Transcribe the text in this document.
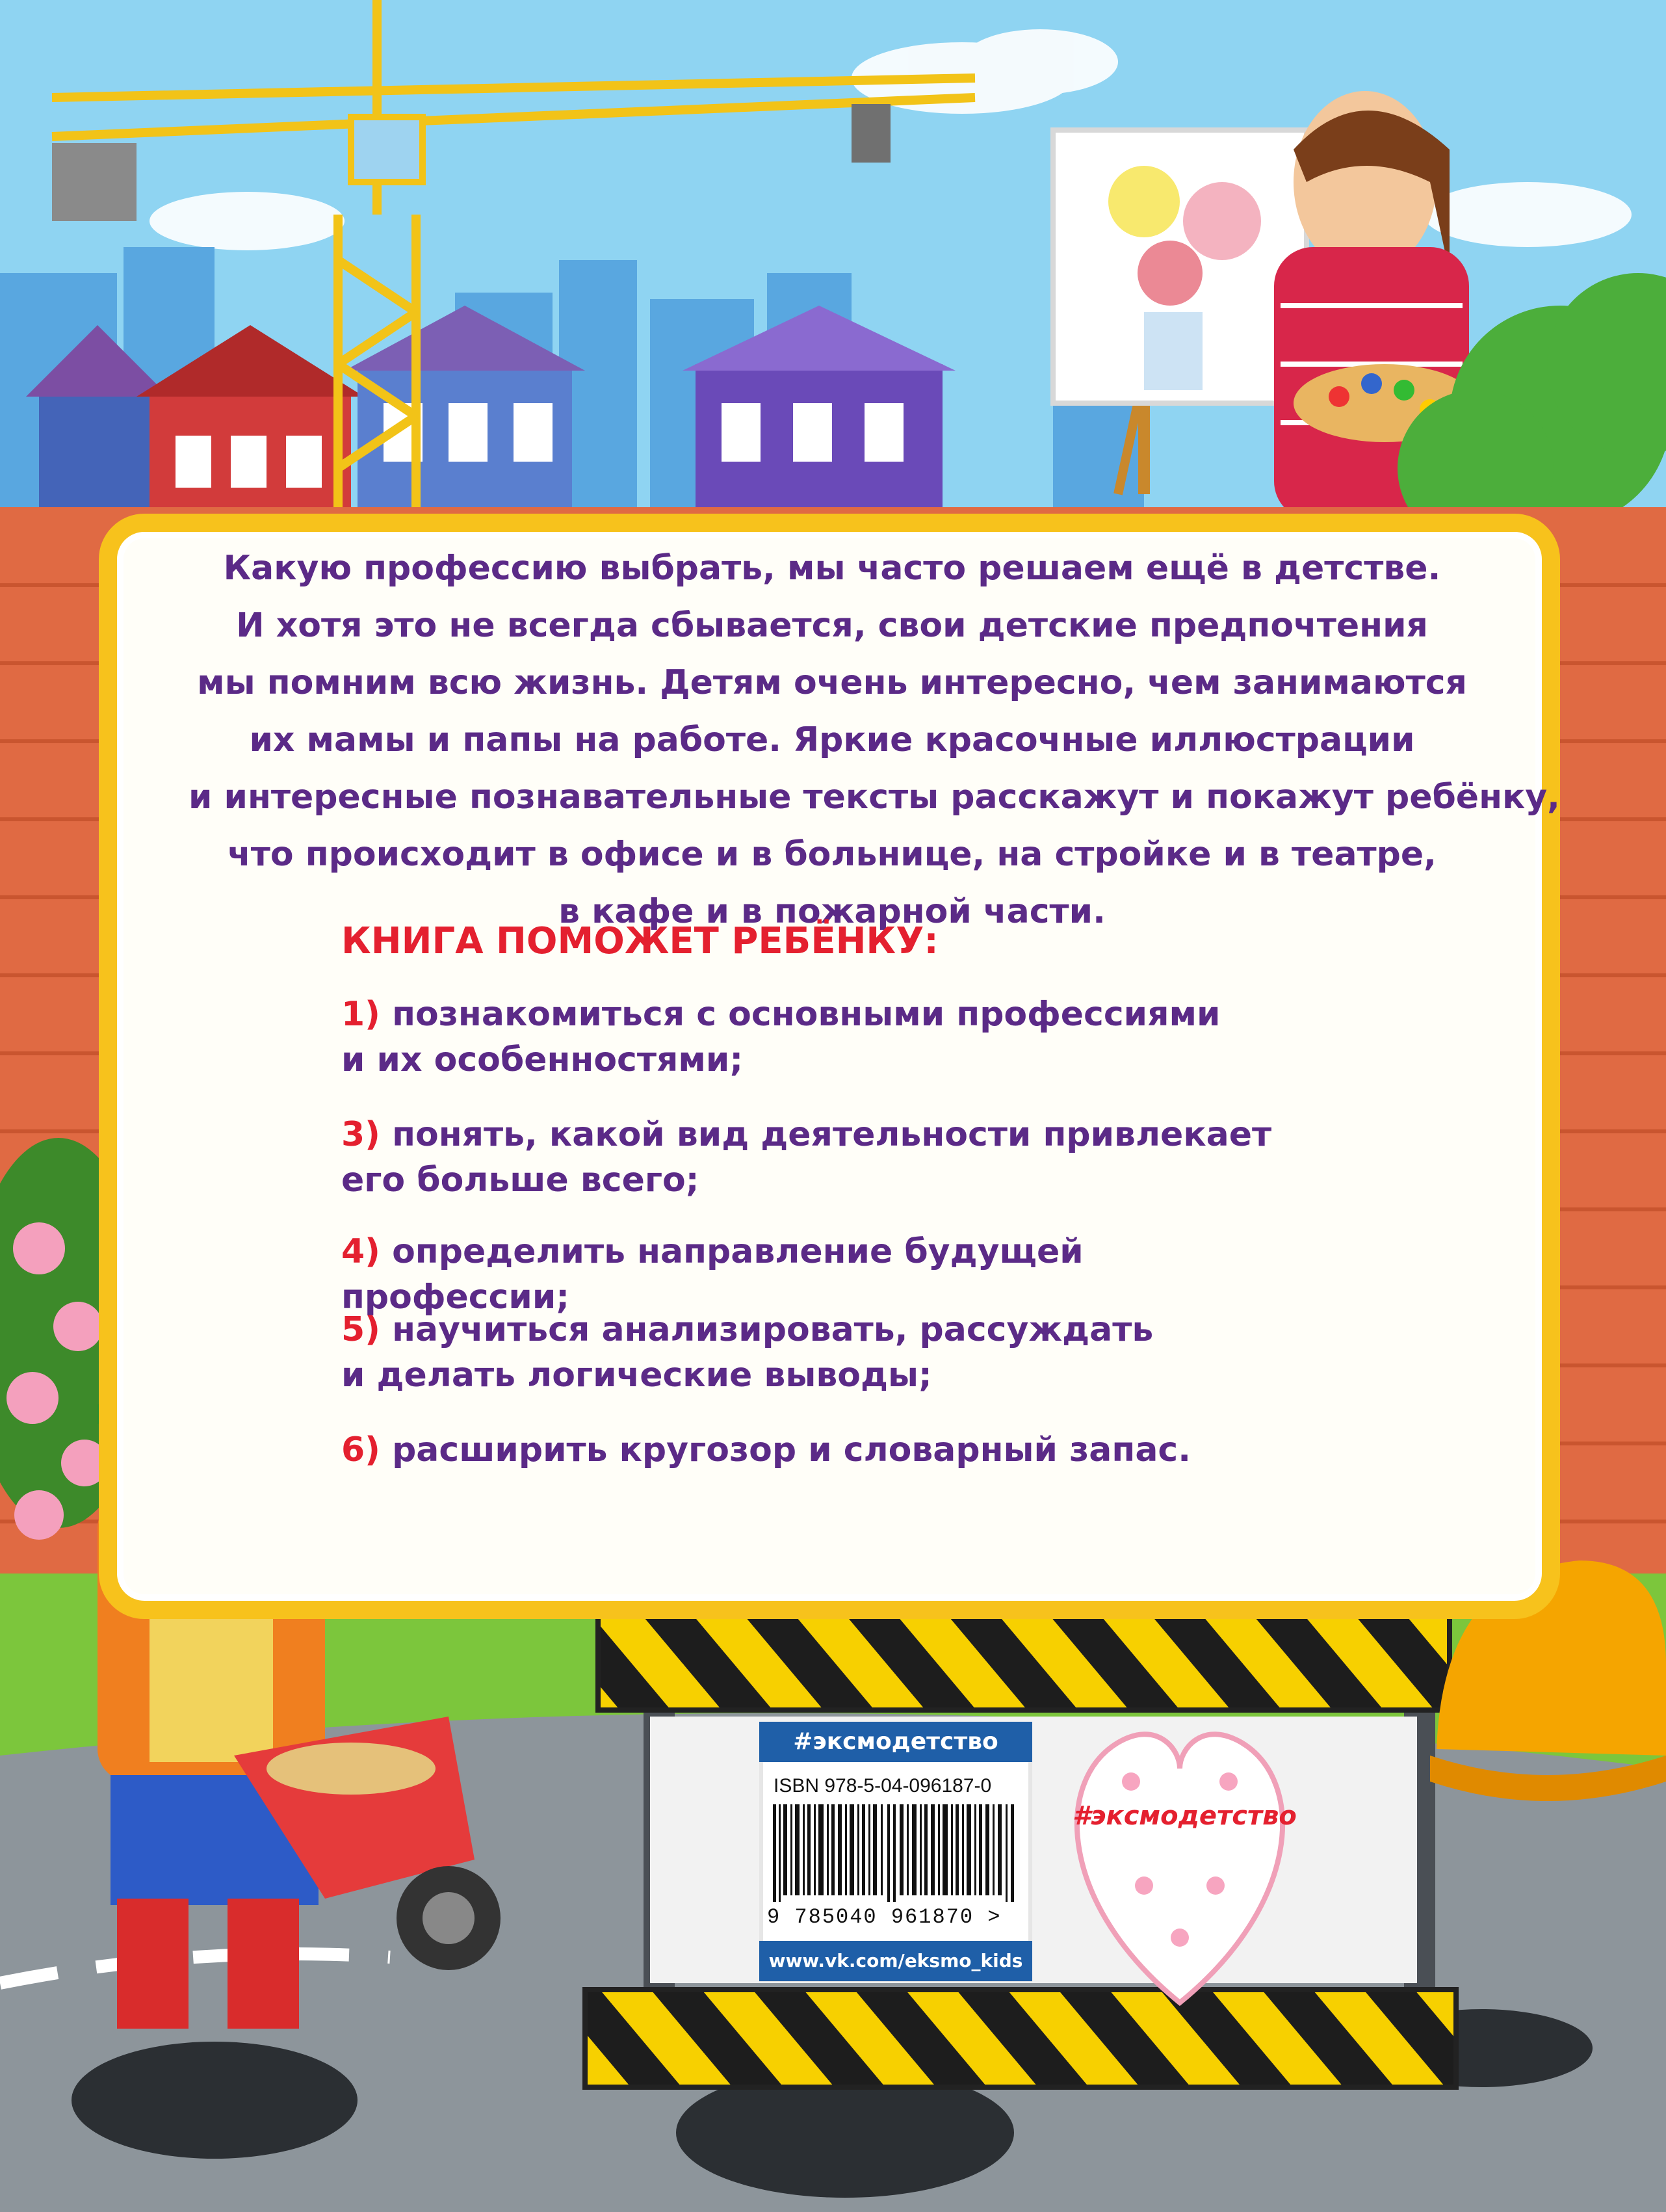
Какую профессию выбрать, мы часто решаем ещё в детстве.
И хотя это не всегда сбывается, свои детские предпочтения
мы помним всю жизнь. Детям очень интересно, чем занимаются
их мамы и папы на работе. Яркие красочные иллюстрации
и интересные познавательные тексты расскажут и покажут ребёнку,
что происходит в офисе и в больнице, на стройке и в театре,
в кафе и в пожарной части.
КНИГА ПОМОЖЕТ РЕБЁНКУ:
1) познакомиться с основными профессиями
и их особенностями;
3) понять, какой вид деятельности привлекает
его больше всего;
4) определить направление будущей профессии;
5) научиться анализировать, рассуждать
и делать логические выводы;
6) расширить кругозор и словарный запас.
#эксмодетство
ISBN 978-5-04-096187-0
9 785040 961870 >
www.vk.com/eksmo_kids
#эксмодетство
